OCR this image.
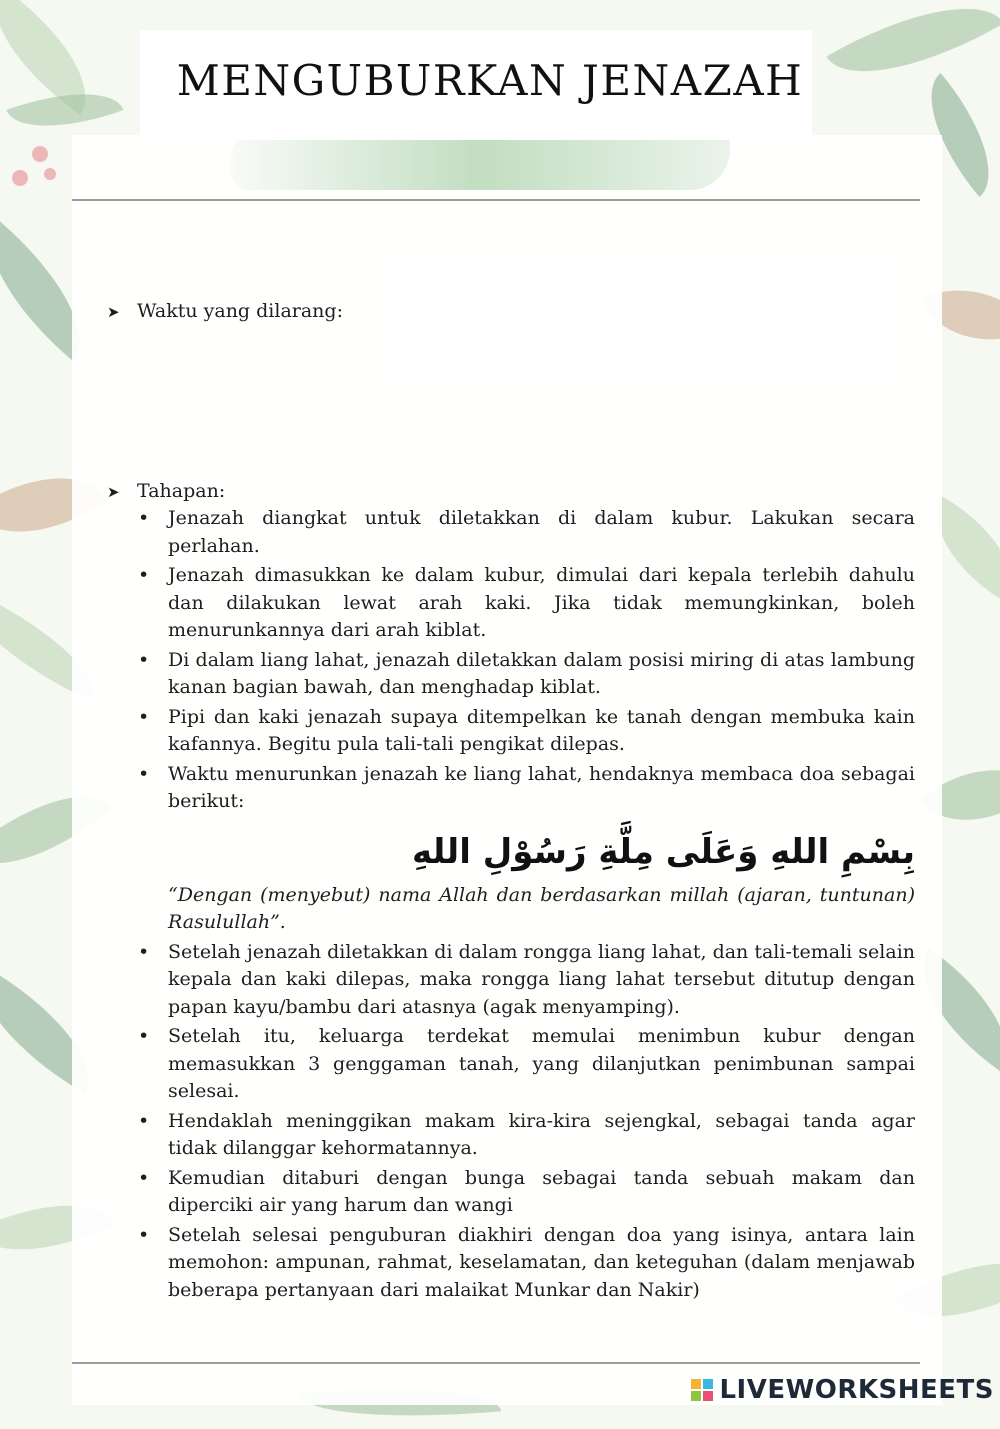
MENGUBURKAN JENAZAH
➤ Waktu yang dilarang:
➤ Tahapan:
• Jenazah diangkat untuk diletakkan di dalam kubur. Lakukan secara perlahan.
• Jenazah dimasukkan ke dalam kubur, dimulai dari kepala terlebih dahulu dan dilakukan lewat arah kaki. Jika tidak memungkinkan, boleh menurunkannya dari arah kiblat.
• Di dalam liang lahat, jenazah diletakkan dalam posisi miring di atas lambung kanan bagian bawah, dan menghadap kiblat.
• Pipi dan kaki jenazah supaya ditempelkan ke tanah dengan membuka kain kafannya. Begitu pula tali-tali pengikat dilepas.
• Waktu menurunkan jenazah ke liang lahat, hendaknya membaca doa sebagai berikut:
بِسْمِ اللهِ وَعَلَى مِلَّةِ رَسُوْلِ اللهِ
“Dengan (menyebut) nama Allah dan berdasarkan millah (ajaran, tuntunan) Rasulullah”.
• Setelah jenazah diletakkan di dalam rongga liang lahat, dan tali-temali selain kepala dan kaki dilepas, maka rongga liang lahat tersebut ditutup dengan papan kayu/bambu dari atasnya (agak menyamping).
• Setelah itu, keluarga terdekat memulai menimbun kubur dengan memasukkan 3 genggaman tanah, yang dilanjutkan penimbunan sampai selesai.
• Hendaklah meninggikan makam kira-kira sejengkal, sebagai tanda agar tidak dilanggar kehormatannya.
• Kemudian ditaburi dengan bunga sebagai tanda sebuah makam dan diperciki air yang harum dan wangi
• Setelah selesai penguburan diakhiri dengan doa yang isinya, antara lain memohon: ampunan, rahmat, keselamatan, dan keteguhan (dalam menjawab beberapa pertanyaan dari malaikat Munkar dan Nakir)
LIVEWORKSHEETS
